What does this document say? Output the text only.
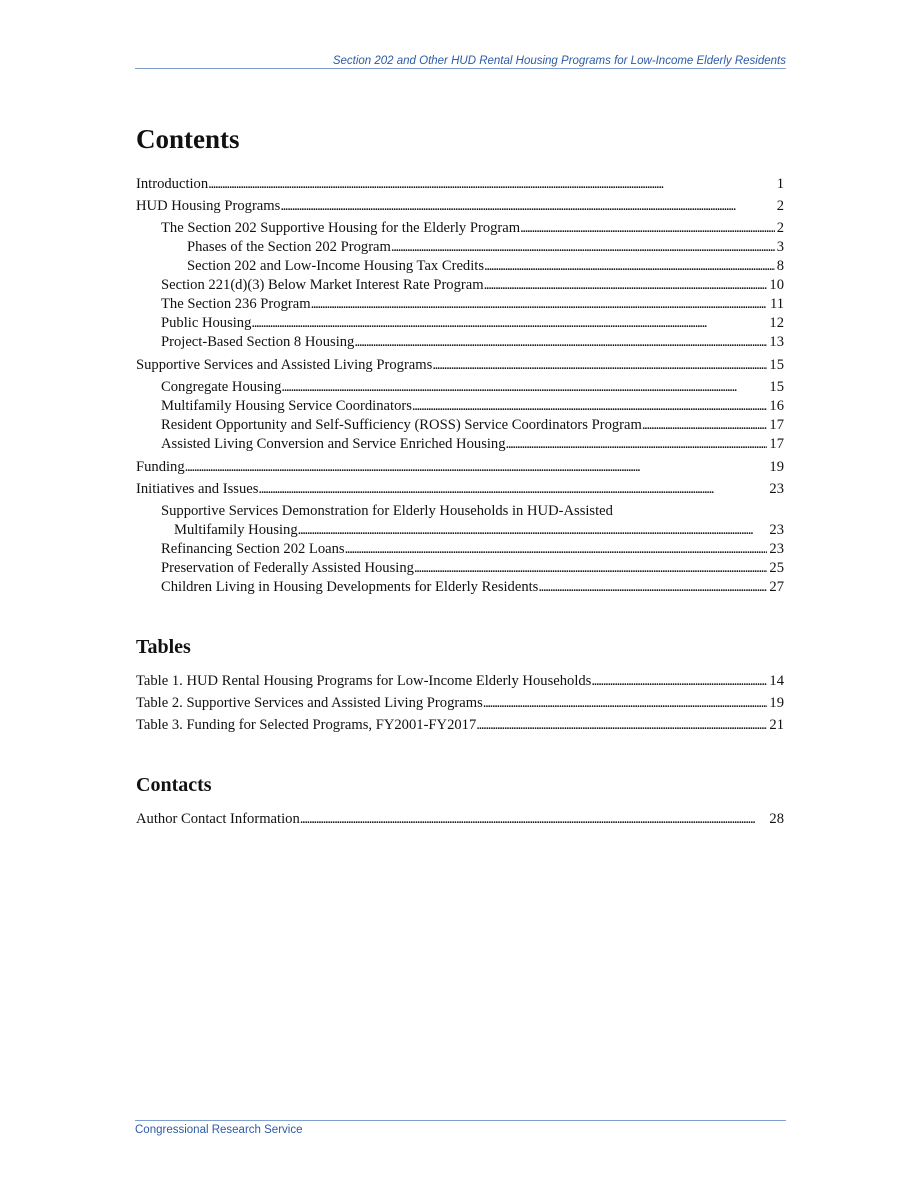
Section 202 and Other HUD Rental Housing Programs for Low-Income Elderly Residents
Contents
Introduction . . .	1
HUD Housing Programs . . .	2
The Section 202 Supportive Housing for the Elderly Program . . .	2
Phases of the Section 202 Program . . .	3
Section 202 and Low-Income Housing Tax Credits . . .	8
Section 221(d)(3) Below Market Interest Rate Program . . .	10
The Section 236 Program . . .	11
Public Housing . . .	12
Project-Based Section 8 Housing . . .	13
Supportive Services and Assisted Living Programs . . .	15
Congregate Housing . . .	15
Multifamily Housing Service Coordinators . . .	16
Resident Opportunity and Self-Sufficiency (ROSS) Service Coordinators Program . . .	17
Assisted Living Conversion and Service Enriched Housing . . .	17
Funding . . .	19
Initiatives and Issues . . .	23
Supportive Services Demonstration for Elderly Households in HUD-Assisted
Multifamily Housing . . .	23
Refinancing Section 202 Loans . . .	23
Preservation of Federally Assisted Housing . . .	25
Children Living in Housing Developments for Elderly Residents . . .	27
Tables
Table 1. HUD Rental Housing Programs for Low-Income Elderly Households . . .	14
Table 2. Supportive Services and Assisted Living Programs . . .	19
Table 3. Funding for Selected Programs, FY2001-FY2017 . . .	21
Contacts
Author Contact Information . . .	28
Congressional Research Service
